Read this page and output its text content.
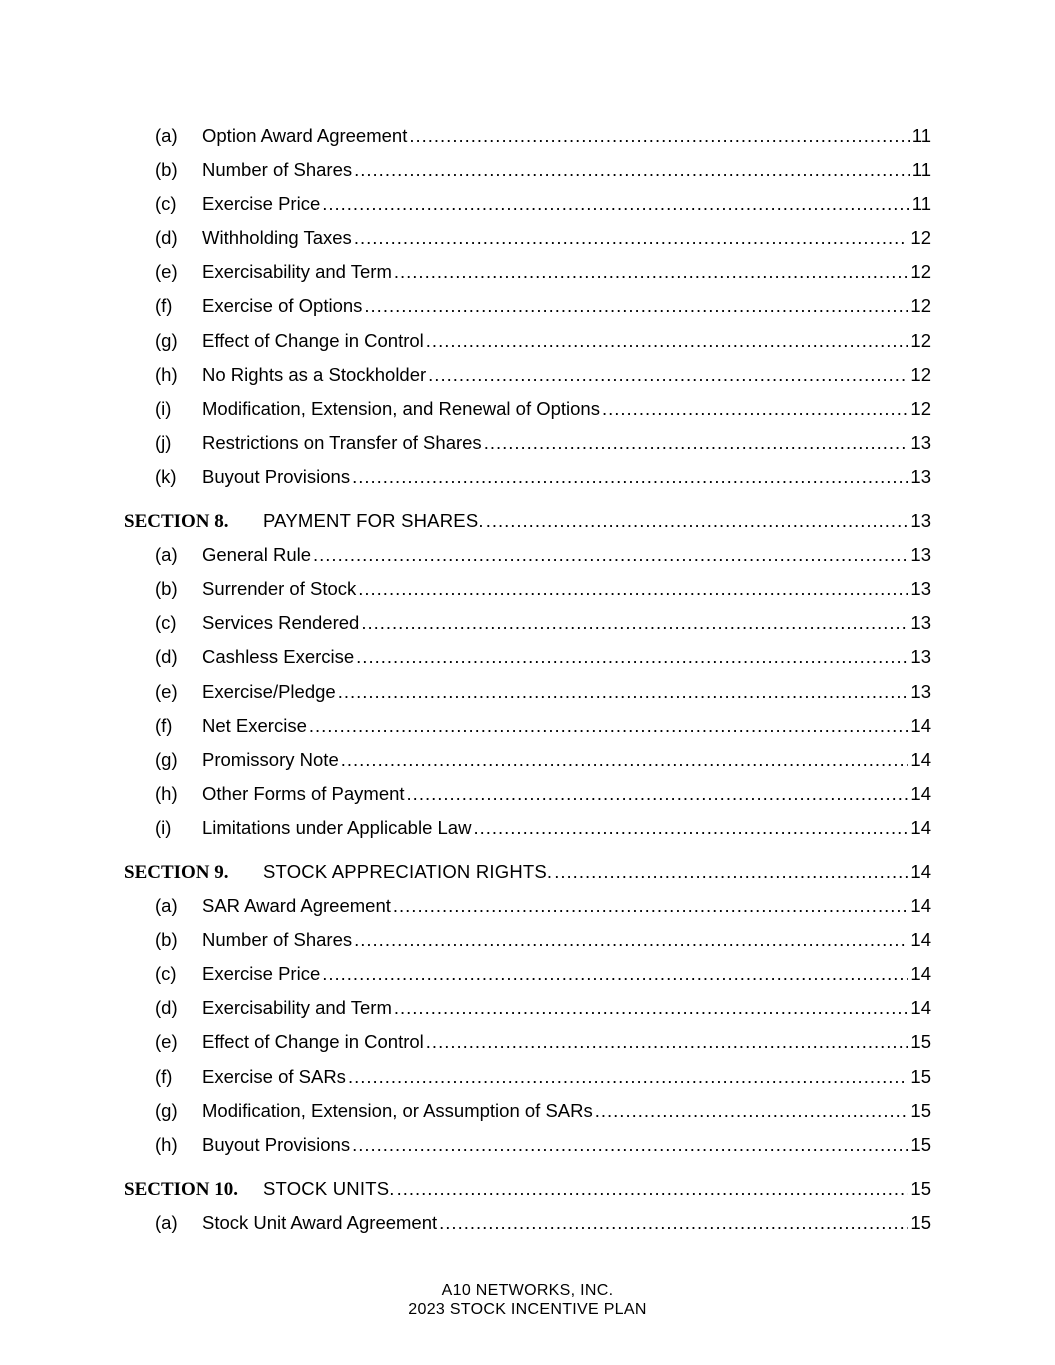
(a)	Option Award Agreement .....	11
(b)	Number of Shares .....	11
(c)	Exercise Price .....	11
(d)	Withholding Taxes .....	12
(e)	Exercisability and Term .....	12
(f)	Exercise of Options .....	12
(g)	Effect of Change in Control .....	12
(h)	No Rights as a Stockholder .....	12
(i)	Modification, Extension, and Renewal of Options .....	12
(j)	Restrictions on Transfer of Shares .....	13
(k)	Buyout Provisions .....	13
SECTION 8.	PAYMENT FOR SHARES. .....	13
(a)	General Rule .....	13
(b)	Surrender of Stock .....	13
(c)	Services Rendered .....	13
(d)	Cashless Exercise .....	13
(e)	Exercise/Pledge .....	13
(f)	Net Exercise .....	14
(g)	Promissory Note .....	14
(h)	Other Forms of Payment .....	14
(i)	Limitations under Applicable Law .....	14
SECTION 9.	STOCK APPRECIATION RIGHTS. .....	14
(a)	SAR Award Agreement .....	14
(b)	Number of Shares .....	14
(c)	Exercise Price .....	14
(d)	Exercisability and Term .....	14
(e)	Effect of Change in Control .....	15
(f)	Exercise of SARs .....	15
(g)	Modification, Extension, or Assumption of SARs .....	15
(h)	Buyout Provisions .....	15
SECTION 10.	STOCK UNITS. .....	15
(a)	Stock Unit Award Agreement .....	15
A10 NETWORKS, INC.
2023 STOCK INCENTIVE PLAN
